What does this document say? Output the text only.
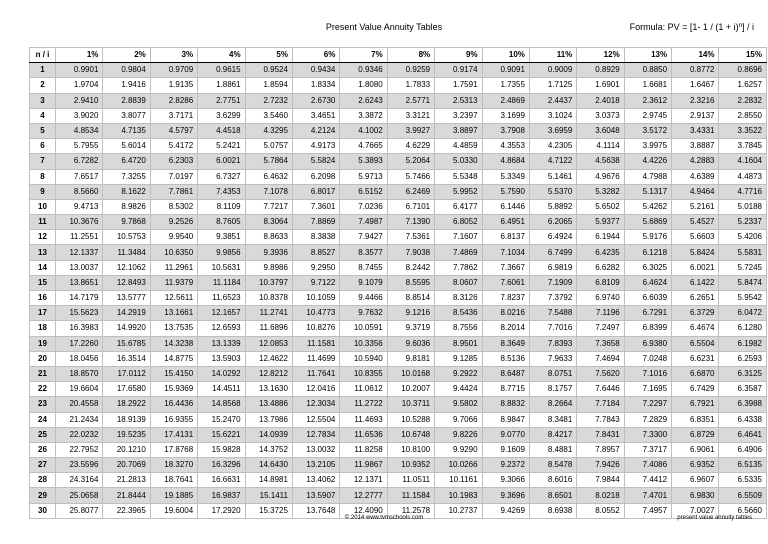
Present Value Annuity Tables	Formula: PV = [1- $1 / (1 + i)^n] / i$
n / i	1%	2%	3%	4%	5%	6%	7%	8%	9%	10%	11%	12%	13%	14%	15%
1	0.9901	0.9804	0.9709	0.9615	0.9524	0.9434	0.9346	0.9259	0.9174	0.9091	0.9009	0.8929	0.8850	0.8772	0.8696
2	1.9704	1.9416	1.9135	1.8861	1.8594	1.8334	1.8080	1.7833	1.7591	1.7355	1.7125	1.6901	1.6681	1.6467	1.6257
3	2.9410	2.8839	2.8286	2.7751	2.7232	2.6730	2.6243	2.5771	2.5313	2.4869	2.4437	2.4018	2.3612	2.3216	2.2832
4	3.9020	3.8077	3.7171	3.6299	3.5460	3.4651	3.3872	3.3121	3.2397	3.1699	3.1024	3.0373	2.9745	2.9137	2.8550
5	4.8534	4.7135	4.5797	4.4518	4.3295	4.2124	4.1002	3.9927	3.8897	3.7908	3.6959	3.6048	3.5172	3.4331	3.3522
6	5.7955	5.6014	5.4172	5.2421	5.0757	4.9173	4.7665	4.6229	4.4859	4.3553	4.2305	4.1114	3.9975	3.8887	3.7845
7	6.7282	6.4720	6.2303	6.0021	5.7864	5.5824	5.3893	5.2064	5.0330	4.8684	4.7122	4.5638	4.4226	4.2883	4.1604
8	7.6517	7.3255	7.0197	6.7327	6.4632	6.2098	5.9713	5.7466	5.5348	5.3349	5.1461	4.9676	4.7988	4.6389	4.4873
9	8.5660	8.1622	7.7861	7.4353	7.1078	6.8017	6.5152	6.2469	5.9952	5.7590	5.5370	5.3282	5.1317	4.9464	4.7716
10	9.4713	8.9826	8.5302	8.1109	7.7217	7.3601	7.0236	6.7101	6.4177	6.1446	5.8892	5.6502	5.4262	5.2161	5.0188
11	10.3676	9.7868	9.2526	8.7605	8.3064	7.8869	7.4987	7.1390	6.8052	6.4951	6.2065	5.9377	5.6869	5.4527	5.2337
12	11.2551	10.5753	9.9540	9.3851	8.8633	8.3838	7.9427	7.5361	7.1607	6.8137	6.4924	6.1944	5.9176	5.6603	5.4206
13	12.1337	11.3484	10.6350	9.9856	9.3936	8.8527	8.3577	7.9038	7.4869	7.1034	6.7499	6.4235	6.1218	5.8424	5.5831
14	13.0037	12.1062	11.2961	10.5631	9.8986	9.2950	8.7455	8.2442	7.7862	7.3667	6.9819	6.6282	6.3025	6.0021	5.7245
15	13.8651	12.8493	11.9379	11.1184	10.3797	9.7122	9.1079	8.5595	8.0607	7.6061	7.1909	6.8109	6.4624	6.1422	5.8474
16	14.7179	13.5777	12.5611	11.6523	10.8378	10.1059	9.4466	8.8514	8.3126	7.8237	7.3792	6.9740	6.6039	6.2651	5.9542
17	15.5623	14.2919	13.1661	12.1657	11.2741	10.4773	9.7632	9.1216	8.5436	8.0216	7.5488	7.1196	6.7291	6.3729	6.0472
18	16.3983	14.9920	13.7535	12.6593	11.6896	10.8276	10.0591	9.3719	8.7556	8.2014	7.7016	7.2497	6.8399	6.4674	6.1280
19	17.2260	15.6785	14.3238	13.1339	12.0853	11.1581	10.3356	9.6036	8.9501	8.3649	7.8393	7.3658	6.9380	6.5504	6.1982
20	18.0456	16.3514	14.8775	13.5903	12.4622	11.4699	10.5940	9.8181	9.1285	8.5136	7.9633	7.4694	7.0248	6.6231	6.2593
21	18.8570	17.0112	15.4150	14.0292	12.8212	11.7641	10.8355	10.0168	9.2922	8.6487	8.0751	7.5620	7.1016	6.6870	6.3125
22	19.6604	17.6580	15.9369	14.4511	13.1630	12.0416	11.0612	10.2007	9.4424	8.7715	8.1757	7.6446	7.1695	6.7429	6.3587
23	20.4558	18.2922	16.4436	14.8568	13.4886	12.3034	11.2722	10.3711	9.5802	8.8832	8.2664	7.7184	7.2297	6.7921	6.3988
24	21.2434	18.9139	16.9355	15.2470	13.7986	12.5504	11.4693	10.5288	9.7066	8.9847	8.3481	7.7843	7.2829	6.8351	6.4338
25	22.0232	19.5235	17.4131	15.6221	14.0939	12.7834	11.6536	10.6748	9.8226	9.0770	8.4217	7.8431	7.3300	6.8729	6.4641
26	22.7952	20.1210	17.8768	15.9828	14.3752	13.0032	11.8258	10.8100	9.9290	9.1609	8.4881	7.8957	7.3717	6.9061	6.4906
27	23.5596	20.7069	18.3270	16.3296	14.6430	13.2105	11.9867	10.9352	10.0266	9.2372	8.5478	7.9426	7.4086	6.9352	6.5135
28	24.3164	21.2813	18.7641	16.6631	14.8981	13.4062	12.1371	11.0511	10.1161	9.3066	8.6016	7.9844	7.4412	6.9607	6.5335
29	25.0658	21.8444	19.1885	16.9837	15.1411	13.5907	12.2777	11.1584	10.1983	9.3696	8.6501	8.0218	7.4701	6.9830	6.5509
30	25.8077	22.3965	19.6004	17.2920	15.3725	13.7648	12.4090	11.2578	10.2737	9.4269	8.6938	8.0552	7.4957	7.0027	6.5660
© 2014 www.tvmschools.com	present value annuity tables
